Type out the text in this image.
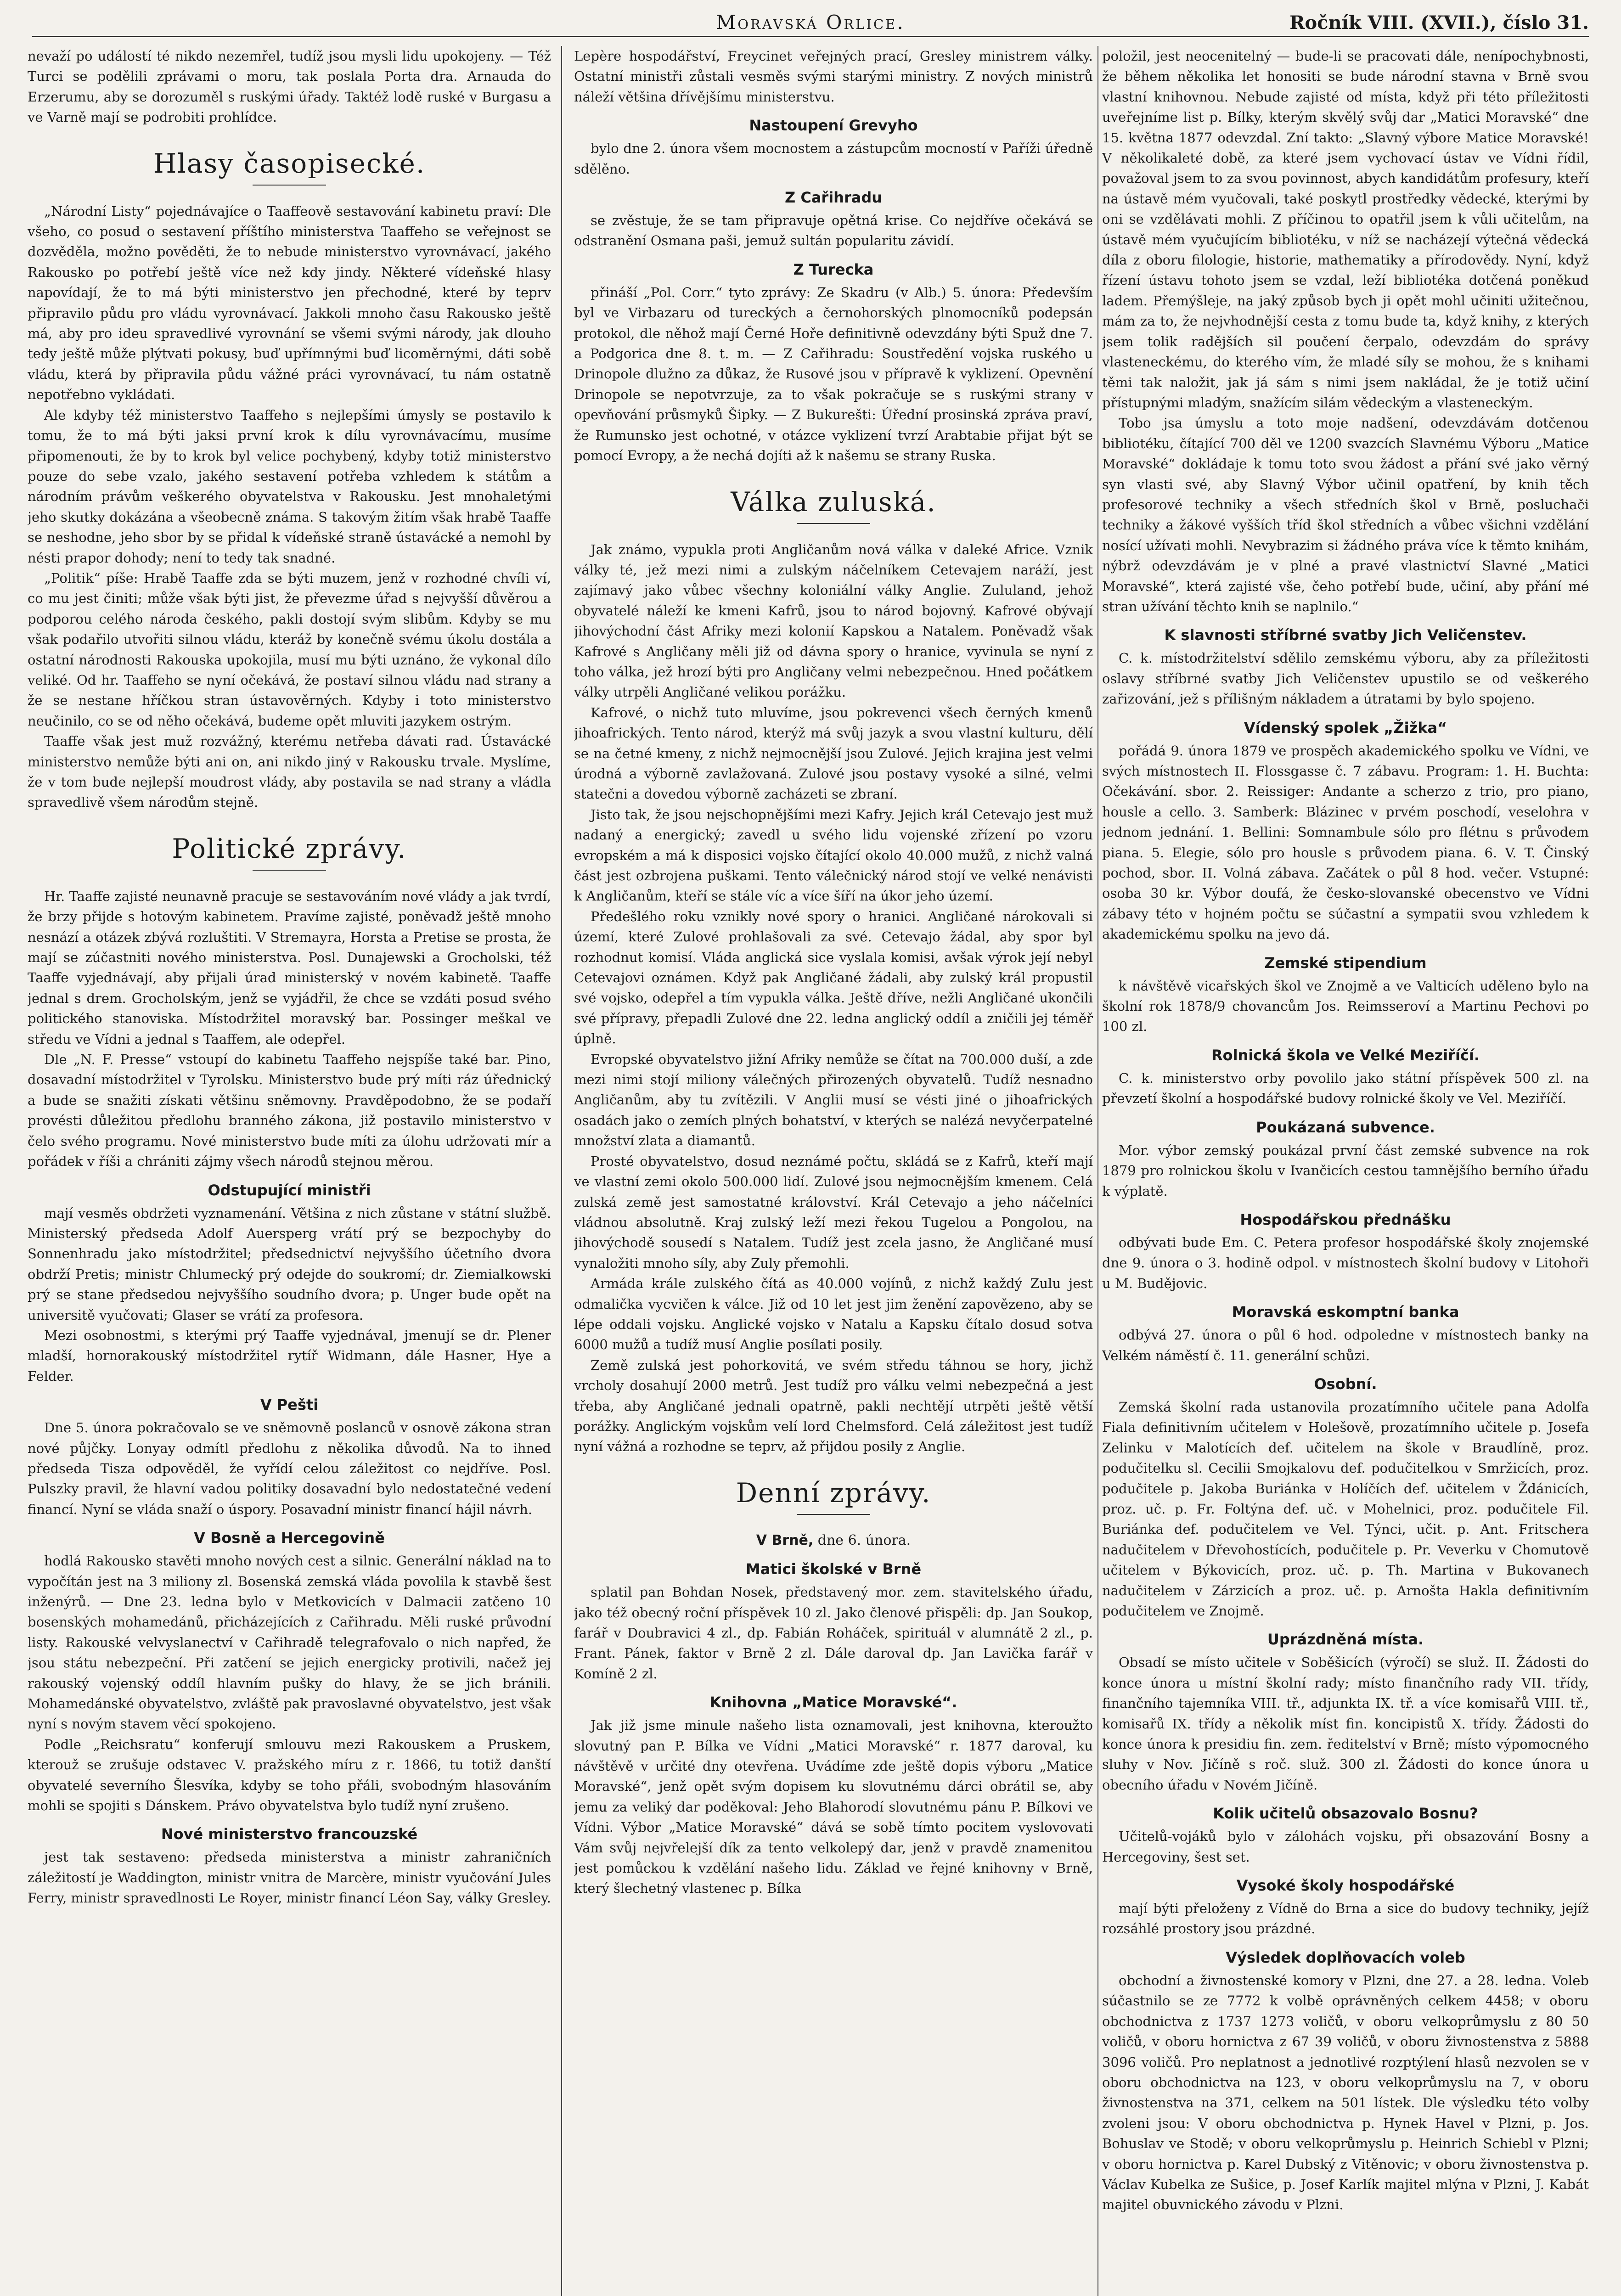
Moravská Orlice.	Ročník VIII. (XVII.), číslo 31.

nevaží po událostí té nikdo nezemřel, tudíž jsou mysli lidu upokojeny. — Též Turci se podělili zprávami o moru, tak poslala Porta dra. Arnauda do Erzerumu, aby se dorozuměl s ruskými úřady. Taktéž lodě ruské v Burgasu a ve Varně mají se podrobiti prohlídce.

Hlasy časopisecké.

„Národní Listy“ pojednávajíce o Taaffeově sestavování kabinetu praví: Dle všeho, co posud o sestavení příštího ministerstva Taaffeho se veřejnost se dozvěděla, možno pověděti, že to nebude ministerstvo vyrovnávací, jakého Rakousko po potřebí ještě více než kdy jindy. Některé vídeňské hlasy napovídají, že to má býti ministerstvo jen přechodné, které by teprv připravilo půdu pro vládu vyrovnávací. Jakkoli mnoho času Rakousko ještě má, aby pro ideu spravedlivé vyrovnání se všemi svými národy, jak dlouho tedy ještě může plýtvati pokusy, buď upřímnými buď licoměrnými, dáti sobě vládu, která by připravila půdu vážné práci vyrovnávací, tu nám ostatně nepotřebno vykládati.

Ale kdyby též ministerstvo Taaffeho s nejlepšími úmysly se postavilo k tomu, že to má býti jaksi první krok k dílu vyrovnávacímu, musíme připomenouti, že by to krok byl velice pochybený, kdyby totiž ministerstvo pouze do sebe vzalo, jakého sestavení potřeba vzhledem k státům a národním právům veškerého obyvatelstva v Rakousku. Jest mnohaletými jeho skutky dokázána a všeobecně známa. S takovým žitím však hrabě Taaffe se neshodne, jeho sbor by se přidal k vídeňské straně ústavácké a nemohl by nésti prapor dohody; není to tedy tak snadné.

„Politik“ píše: Hrabě Taaffe zda se býti muzem, jenž v rozhodné chvíli ví, co mu jest činiti; může však býti jist, že převezme úřad s nejvyšší důvěrou a podporou celého národa českého, pakli dostojí svým slibům. Kdyby se mu však podařilo utvořiti silnou vládu, kteráž by konečně svému úkolu dostála a ostatní národnosti Rakouska upokojila, musí mu býti uznáno, že vykonal dílo veliké. Od hr. Taaffeho se nyní očekává, že postaví silnou vládu nad strany a že se nestane hříčkou stran ústavověrných. Kdyby i toto ministerstvo neučinilo, co se od něho očekává, budeme opět mluviti jazykem ostrým.

Taaffe však jest muž rozvážný, kterému netřeba dávati rad. Ústavácké ministerstvo nemůže býti ani on, ani nikdo jiný v Rakousku trvale. Myslíme, že v tom bude nejlepší moudrost vlády, aby postavila se nad strany a vládla spravedlivě všem národům stejně.

Politické zprávy.

Hr. Taaffe zajisté neunavně pracuje se sestavováním nové vlády a jak tvrdí, že brzy přijde s hotovým kabinetem. Pravíme zajisté, poněvadž ještě mnoho nesnází a otázek zbývá rozluštiti. V Stremayra, Horsta a Pretise se prosta, že mají se zúčastniti nového ministerstva. Posl. Dunajewski a Grocholski, též Taaffe vyjednávají, aby přijali úrad ministerský v novém kabinetě. Taaffe jednal s drem. Grocholským, jenž se vyjádřil, že chce se vzdáti posud svého politického stanoviska. Místodržitel moravský bar. Possinger meškal ve středu ve Vídni a jednal s Taaffem, ale odepřel.

Dle „N. F. Presse“ vstoupí do kabinetu Taaffeho nejspíše také bar. Pino, dosavadní místodržitel v Tyrolsku. Ministerstvo bude prý míti ráz úřednický a bude se snažiti získati většinu sněmovny. Pravděpodobno, že se podaří provésti důležitou předlohu branného zákona, již postavilo ministerstvo v čelo svého programu. Nové ministerstvo bude míti za úlohu udržovati mír a pořádek v říši a chrániti zájmy všech národů stejnou měrou.

Odstupující ministři

mají vesměs obdržeti vyznamenání. Většina z nich zůstane v státní službě. Ministerský předseda Adolf Auersperg vrátí prý se bezpochyby do Sonnenhradu jako místodržitel; předsednictví nejvyššího účetního dvora obdrží Pretis; ministr Chlumecký prý odejde do soukromí; dr. Ziemialkowski prý se stane předsedou nejvyššího soudního dvora; p. Unger bude opět na universitě vyučovati; Glaser se vrátí za profesora.

Mezi osobnostmi, s kterými prý Taaffe vyjednával, jmenují se dr. Plener mladší, hornorakouský místodržitel rytíř Widmann, dále Hasner, Hye a Felder.

V Pešti

Dne 5. února pokračovalo se ve sněmovně poslanců v osnově zákona stran nové půjčky. Lonyay odmítl předlohu z několika důvodů. Na to ihned předseda Tisza odpověděl, že vyřídí celou záležitost co nejdříve. Posl. Pulszky pravil, že hlavní vadou politiky dosavadní bylo nedostatečné vedení financí. Nyní se vláda snaží o úspory. Posavadní ministr financí hájil návrh.

V Bosně a Hercegovině

hodlá Rakousko stavěti mnoho nových cest a silnic. Generální náklad na to vypočítán jest na 3 miliony zl. Bosenská zemská vláda povolila k stavbě šest inženýrů. — Dne 23. ledna bylo v Metkovicích v Dalmacii zatčeno 10 bosenských mohamedánů, přicházejících z Cařihradu. Měli ruské průvodní listy. Rakouské velvyslanectví v Cařihradě telegrafovalo o nich napřed, že jsou státu nebezpeční. Při zatčení se jejich energicky protivili, načež jej rakouský vojenský oddíl hlavním pušky do hlavy, že se jich bránili. Mohamedánské obyvatelstvo, zvláště pak pravoslavné obyvatelstvo, jest však nyní s novým stavem věcí spokojeno.

Podle „Reichsratu“ konferují smlouvu mezi Rakouskem a Pruskem, kterouž se zrušuje odstavec V. pražského míru z r. 1866, tu totiž danští obyvatelé severního Šlesvíka, kdyby se toho přáli, svobodným hlasováním mohli se spojiti s Dánskem. Právo obyvatelstva bylo tudíž nyní zrušeno.

Nové ministerstvo francouzské

jest tak sestaveno: předseda ministerstva a ministr zahraničních záležitostí je Waddington, ministr vnitra de Marcère, ministr vyučování Jules Ferry, ministr spravedlnosti Le Royer, ministr financí Léon Say, války Gresley.

Lepère hospodářství, Freycinet veřejných prací, Gresley ministrem války. Ostatní ministři zůstali vesměs svými starými ministry. Z nových ministrů náleží většina dřívějšímu ministerstvu.

Nastoupení Grevyho

bylo dne 2. února všem mocnostem a zástupcům mocností v Paříži úředně sdělěno.

Z Cařihradu

se zvěstuje, že se tam připravuje opětná krise. Co nejdříve očekává se odstranění Osmana paši, jemuž sultán popularitu závidí.

Z Turecka

přináší „Pol. Corr.“ tyto zprávy: Ze Skadru (v Alb.) 5. února: Především byl ve Virbazaru od tureckých a černohorských plnomocníků podepsán protokol, dle něhož mají Černé Hoře definitivně odevzdány býti Spuž dne 7. a Podgorica dne 8. t. m. — Z Cařihradu: Soustředění vojska ruského u Drinopole dlužno za důkaz, že Rusové jsou v přípravě k vyklizení. Opevnění Drinopole se nepotvrzuje, za to však pokračuje se s ruskými strany v opevňování průsmyků Šipky. — Z Bukurešti: Úřední prosinská zpráva praví, že Rumunsko jest ochotné, v otázce vyklizení tvrzí Arabtabie přijat být se pomocí Evropy, a že nechá dojíti až k našemu se strany Ruska.

Válka zuluská.

Jak známo, vypukla proti Angličanům nová válka v daleké Africe. Vznik války té, jež mezi nimi a zulským náčelníkem Cetevajem naráží, jest zajímavý jako vůbec všechny koloniální války Anglie. Zululand, jehož obyvatelé náleží ke kmeni Kafrů, jsou to národ bojovný. Kafrové obývají jihovýchodní část Afriky mezi kolonií Kapskou a Natalem. Poněvadž však Kafrové s Angličany měli již od dávna spory o hranice, vyvinula se nyní z toho válka, jež hrozí býti pro Angličany velmi nebezpečnou. Hned počátkem války utrpěli Angličané velikou porážku.

Kafrové, o nichž tuto mluvíme, jsou pokrevenci všech černých kmenů jihoafrických. Tento národ, kterýž má svůj jazyk a svou vlastní kulturu, dělí se na četné kmeny, z nichž nejmocnější jsou Zulové. Jejich krajina jest velmi úrodná a výborně zavlažovaná. Zulové jsou postavy vysoké a silné, velmi statečni a dovedou výborně zacházeti se zbraní.

Jisto tak, že jsou nejschopnějšími mezi Kafry. Jejich král Cetevajo jest muž nadaný a energický; zavedl u svého lidu vojenské zřízení po vzoru evropském a má k disposici vojsko čítající okolo 40.000 mužů, z nichž valná část jest ozbrojena puškami. Tento válečnický národ stojí ve velké nenávisti k Angličanům, kteří se stále víc a více šíří na úkor jeho území.

Předešlého roku vznikly nové spory o hranici. Angličané nárokovali si území, které Zulové prohlašovali za své. Cetevajo žádal, aby spor byl rozhodnut komisí. Vláda anglická sice vyslala komisi, avšak výrok její nebyl Cetevajovi oznámen. Když pak Angličané žádali, aby zulský král propustil své vojsko, odepřel a tím vypukla válka. Ještě dříve, nežli Angličané ukončili své přípravy, přepadli Zulové dne 22. ledna anglický oddíl a zničili jej téměř úplně.

Evropské obyvatelstvo jižní Afriky nemůže se čítat na 700.000 duší, a zde mezi nimi stojí miliony válečných přirozených obyvatelů. Tudíž nesnadno Angličanům, aby tu zvítězili. V Anglii musí se vésti jiné o jihoafrických osadách jako o zemích plných bohatství, v kterých se nalézá nevyčerpatelné množství zlata a diamantů.

Prosté obyvatelstvo, dosud neznámé počtu, skládá se z Kafrů, kteří mají ve vlastní zemi okolo 500.000 lidí. Zulové jsou nejmocnějším kmenem. Celá zulská země jest samostatné království. Král Cetevajo a jeho náčelníci vládnou absolutně. Kraj zulský leží mezi řekou Tugelou a Pongolou, na jihovýchodě sousedí s Natalem. Tudíž jest zcela jasno, že Angličané musí vynaložiti mnoho síly, aby Zuly přemohli.

Armáda krále zulského čítá as 40.000 vojínů, z nichž každý Zulu jest odmalička vycvičen k válce. Již od 10 let jest jim ženění zapovězeno, aby se lépe oddali vojsku. Anglické vojsko v Natalu a Kapsku čítalo dosud sotva 6000 mužů a tudíž musí Anglie posílati posily.

Země zulská jest pohorkovitá, ve svém středu táhnou se hory, jichž vrcholy dosahují 2000 metrů. Jest tudíž pro válku velmi nebezpečná a jest třeba, aby Angličané jednali opatrně, pakli nechtějí utrpěti ještě větší porážky. Anglickým vojskům velí lord Chelmsford. Celá záležitost jest tudíž nyní vážná a rozhodne se teprv, až přijdou posily z Anglie.

Denní zprávy.
V Brně, dne 6. února.
Matici školské v Brně

splatil pan Bohdan Nosek, představený mor. zem. stavitelského úřadu, jako též obecný roční příspěvek 10 zl. Jako členové přispěli: dp. Jan Soukop, farář v Doubravici 4 zl., dp. Fabián Roháček, spirituál v alumnátě 2 zl., p. Frant. Pánek, faktor v Brně 2 zl. Dále daroval dp. Jan Lavička farář v Komíně 2 zl.

Knihovna „Matice Moravské“.

Jak již jsme minule našeho lista oznamovali, jest knihovna, kteroužto slovutný pan P. Bílka ve Vídni „Matici Moravské“ r. 1877 daroval, ku návštěvě v určité dny otevřena. Uvádíme zde ještě dopis výboru „Matice Moravské“, jenž opět svým dopisem ku slovutnému dárci obrátil se, aby jemu za veliký dar poděkoval: Jeho Blahorodí slovutnému pánu P. Bílkovi ve Vídni. Výbor „Matice Moravské“ dává se sobě tímto pocitem vyslovovati Vám svůj nejvřelejší dík za tento velkolepý dar, jenž v pravdě znamenitou jest pomůckou k vzdělání našeho lidu. Základ ve řejné knihovny v Brně, který šlechetný vlastenec p. Bílka

položil, jest neocenitelný — bude-li se pracovati dále, nenípochybnosti, že během několika let honositi se bude národní stavna v Brně svou vlastní knihovnou. Nebude zajisté od místa, když při této příležitosti uveřejníme list p. Bílky, kterým skvělý svůj dar „Matici Moravské“ dne 15. května 1877 odevzdal. Zní takto: „Slavný výbore Matice Moravské! V několikaleté době, za které jsem vychovací ústav ve Vídni řídil, považoval jsem to za svou povinnost, abych kandidátům profesury, kteří na ústavě mém vyučovali, také poskytl prostředky vědecké, kterými by oni se vzdělávati mohli. Z příčinou to opatřil jsem k vůli učitelům, na ústavě mém vyučujícím bibliotéku, v níž se nacházejí výtečná vědecká díla z oboru filologie, historie, mathematiky a přírodovědy. Nyní, když řízení ústavu tohoto jsem se vzdal, leží bibliotéka dotčená poněkud ladem. Přemýšleje, na jaký způsob bych ji opět mohl učiniti užitečnou, mám za to, že nejvhodnější cesta z tomu bude ta, když knihy, z kterých jsem tolik radějších sil poučení čerpalo, odevzdám do správy vlasteneckému, do kterého vím, že mladé síly se mohou, že s knihami těmi tak naložit, jak já sám s nimi jsem nakládal, že je totiž učiní přístupnými mladým, snažícím silám vědeckým a vlasteneckým.

Tobo jsa úmyslu a toto moje nadšení, odevzdávám dotčenou bibliotéku, čítající 700 děl ve 1200 svazcích Slavnému Výboru „Matice Moravské“ dokládaje k tomu toto svou žádost a přání své jako věrný syn vlasti své, aby Slavný Výbor učinil opatření, by knih těch profesorové techniky a všech středních škol v Brně, posluchači techniky a žákové vyšších tříd škol středních a vůbec všichni vzdělání nosící užívati mohli. Nevybrazim si žádného práva více k těmto knihám, nýbrž odevzdávám je v plné a pravé vlastnictví Slavné „Matici Moravské“, která zajisté vše, čeho potřebí bude, učiní, aby přání mé stran užívání těchto knih se naplnilo.“

K slavnosti stříbrné svatby Jich Veličenstev.

C. k. místodržitelství sdělilo zemskému výboru, aby za příležitosti oslavy stříbrné svatby Jich Veličenstev upustilo se od veškerého zařizování, jež s přílišným nákladem a útratami by bylo spojeno.

Vídenský spolek „Žižka“

pořádá 9. února 1879 ve prospěch akademického spolku ve Vídni, ve svých místnostech II. Flossgasse č. 7 zábavu. Program: 1. H. Buchta: Očekávání. sbor. 2. Reissiger: Andante a scherzo z trio, pro piano, housle a cello. 3. Samberk: Blázinec v prvém poschodí, veselohra v jednom jednání. 1. Bellini: Somnambule sólo pro flétnu s průvodem piana. 5. Elegie, sólo pro housle s průvodem piana. 6. V. T. Činský pochod, sbor. II. Volná zábava. Začátek o půl 8 hod. večer. Vstupné: osoba 30 kr. Výbor doufá, že česko-slovanské obecenstvo ve Vídni zábavy této v hojném počtu se súčastní a sympatii svou vzhledem k akademickému spolku na jevo dá.

Zemské stipendium

k návštěvě vicařských škol ve Znojmě a ve Valticích uděleno bylo na školní rok 1878/9 chovancům Jos. Reimsseroví a Martinu Pechovi po 100 zl.

Rolnická škola ve Velké Meziříčí.

C. k. ministerstvo orby povolilo jako státní příspěvek 500 zl. na převzetí školní a hospodářské budovy rolnické školy ve Vel. Meziříčí.

Poukázaná subvence.

Mor. výbor zemský poukázal první část zemské subvence na rok 1879 pro rolnickou školu v Ivančicích cestou tamnějšího berního úřadu k výplatě.

Hospodářskou přednášku

odbývati bude Em. C. Petera profesor hospodářské školy znojemské dne 9. února o 3. hodině odpol. v místnostech školní budovy v Litohoři u M. Budějovic.

Moravská eskomptní banka

odbývá 27. února o půl 6 hod. odpoledne v místnostech banky na Velkém náměstí č. 11. generální schůzi.

Osobní.

Zemská školní rada ustanovila prozatímního učitele pana Adolfa Fiala definitivním učitelem v Holešově, prozatímního učitele p. Josefa Zelinku v Malotících def. učitelem na škole v Braudlíně, proz. podučitelku sl. Cecilii Smojkalovu def. podučitelkou v Smržicích, proz. podučitele p. Jakoba Buriánka v Holíčích def. učitelem v Ždánicích, proz. uč. p. Fr. Foltýna def. uč. v Mohelnici, proz. podučitele Fil. Buriánka def. podučitelem ve Vel. Týnci, učit. p. Ant. Fritschera nadučitelem v Dřevohostících, podučitele p. Pr. Veverku v Chomutově učitelem v Býkovicích, proz. uč. p. Th. Martina v Bukovanech nadučitelem v Zárzicích a proz. uč. p. Arnošta Hakla definitivním podučitelem ve Znojmě.

Uprázdněná místa.

Obsadí se místo učitele v Soběšicích (výročí) se služ. II. Žádosti do konce února u místní školní rady; místo finančního rady VII. třídy, finančního tajemníka VIII. tř., adjunkta IX. tř. a více komisařů VIII. tř., komisařů IX. třídy a několik míst fin. koncipistů X. třídy. Žádosti do konce února k presidiu fin. zem. ředitelství v Brně; místo výpomocného sluhy v Nov. Jičíně s roč. služ. 300 zl. Žádosti do konce února u obecního úřadu v Novém Jičíně.

Kolik učitelů obsazovalo Bosnu?

Učitelů-vojáků bylo v zálohách vojsku, při obsazování Bosny a Hercegoviny, šest set.

Vysoké školy hospodářské

mají býti přeloženy z Vídně do Brna a sice do budovy techniky, jejíž rozsáhlé prostory jsou prázdné.

Výsledek doplňovacích voleb

obchodní a živnostenské komory v Plzni, dne 27. a 28. ledna. Voleb súčastnilo se ze 7772 k volbě oprávněných celkem 4458; v oboru obchodnictva z 1737 1273 voličů, v oboru velkoprůmyslu z 80 50 voličů, v oboru hornictva z 67 39 voličů, v oboru živnostenstva z 5888 3096 voličů. Pro neplatnost a jednotlivé rozptýlení hlasů nezvolen se v oboru obchodnictva na 123, v oboru velkoprůmyslu na 7, v oboru živnostenstva na 371, celkem na 501 lístek. Dle výsledku této volby zvoleni jsou: V oboru obchodnictva p. Hynek Havel v Plzni, p. Jos. Bohuslav ve Stodě; v oboru velkoprůmyslu p. Heinrich Schiebl v Plzni; v oboru hornictva p. Karel Dubský z Vitěnovic; v oboru živnostenstva p. Václav Kubelka ze Sušice, p. Josef Karlík majitel mlýna v Plzni, J. Kabát majitel obuvnického závodu v Plzni.
